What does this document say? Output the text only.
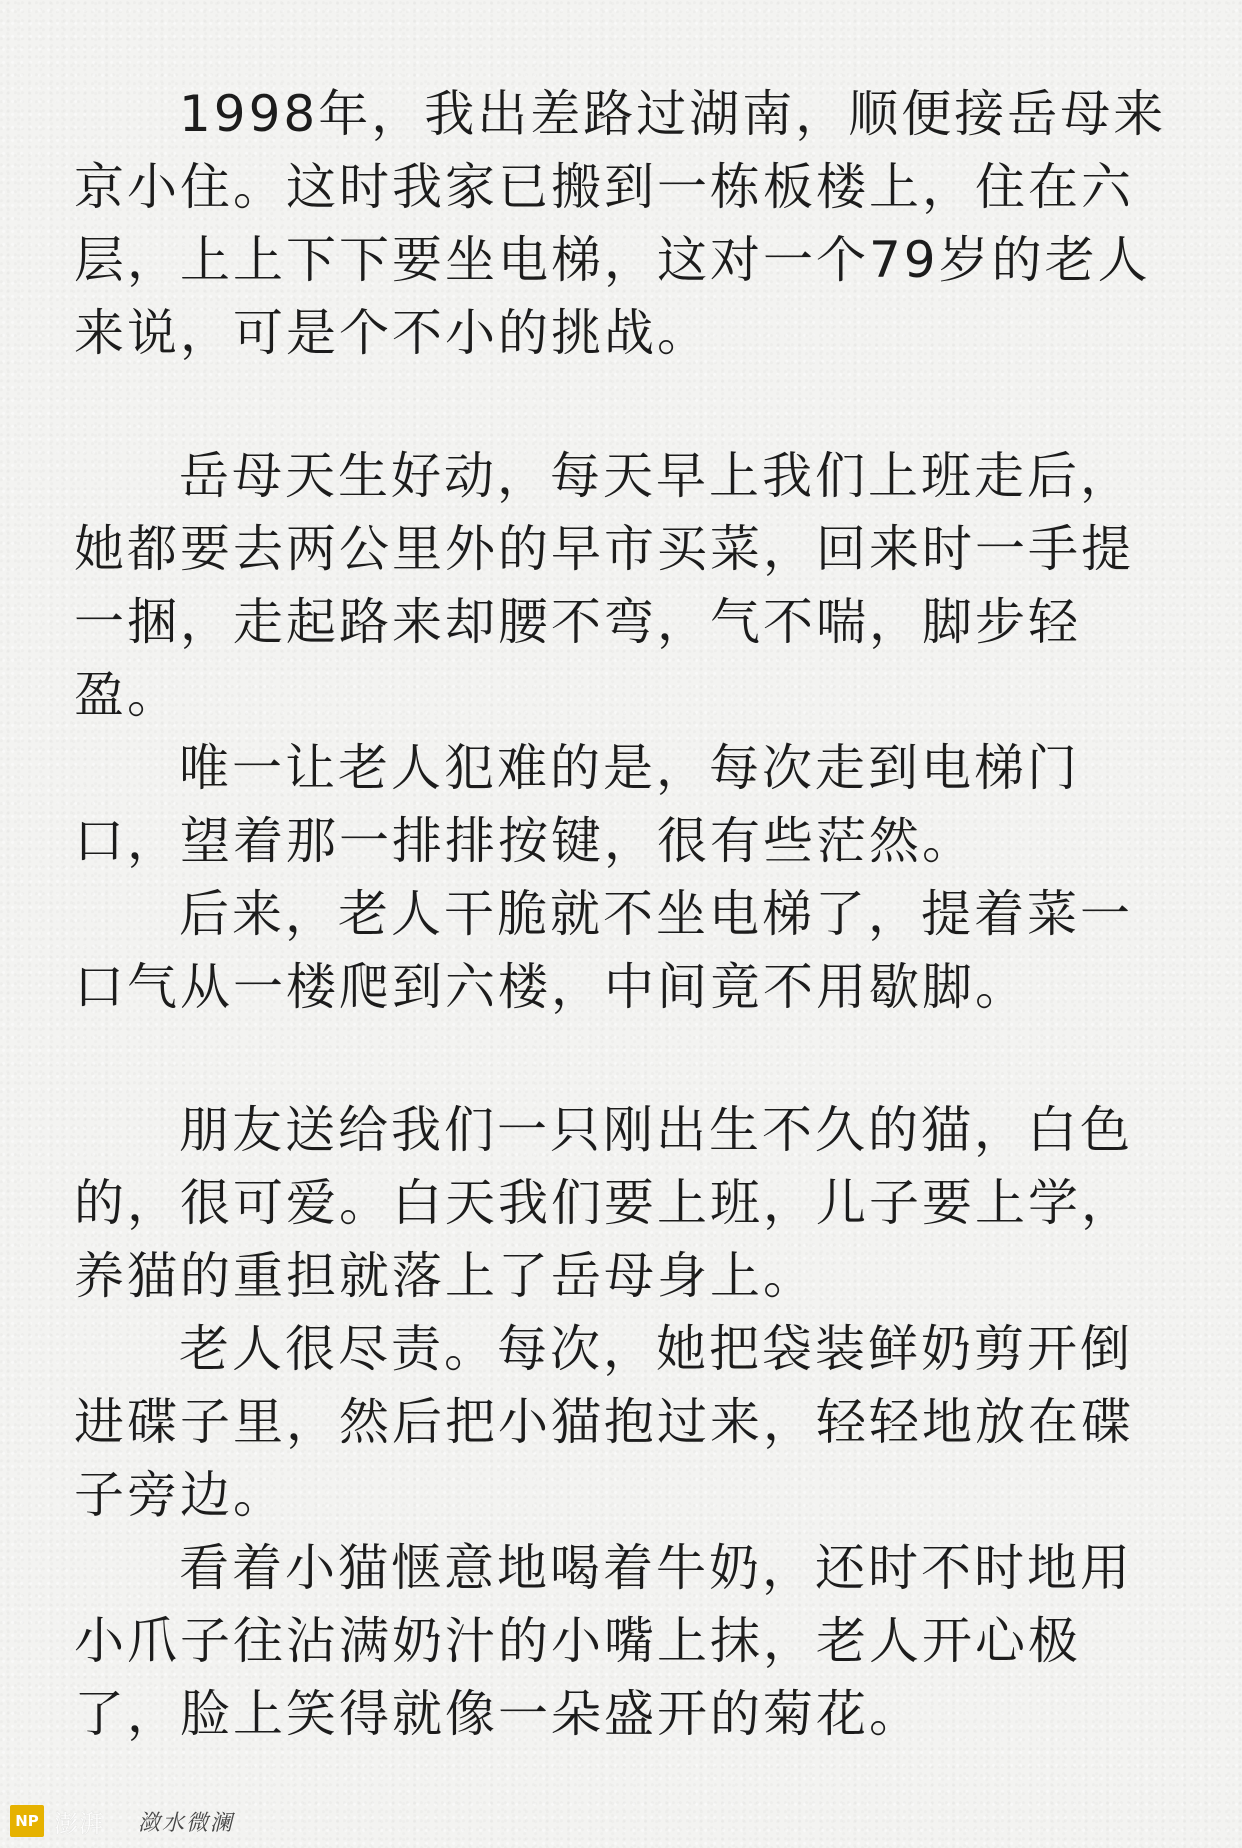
1998年，我出差路过湖南，顺便接岳母来京小住。这时我家已搬到一栋板楼上，住在六层，上上下下要坐电梯，这对一个79岁的老人来说，可是个不小的挑战。

岳母天生好动，每天早上我们上班走后，她都要去两公里外的早市买菜，回来时一手提一捆，走起路来却腰不弯，气不喘，脚步轻盈。

唯一让老人犯难的是，每次走到电梯门口，望着那一排排按键，很有些茫然。

后来，老人干脆就不坐电梯了，提着菜一口气从一楼爬到六楼，中间竟不用歇脚。

朋友送给我们一只刚出生不久的猫，白色的，很可爱。白天我们要上班，儿子要上学，养猫的重担就落上了岳母身上。

老人很尽责。每次，她把袋装鲜奶剪开倒进碟子里，然后把小猫抱过来，轻轻地放在碟子旁边。

看着小猫惬意地喝着牛奶，还时不时地用小爪子往沾满奶汁的小嘴上抹，老人开心极了，脸上笑得就像一朵盛开的菊花。

NP 澎湃 潋水微澜
